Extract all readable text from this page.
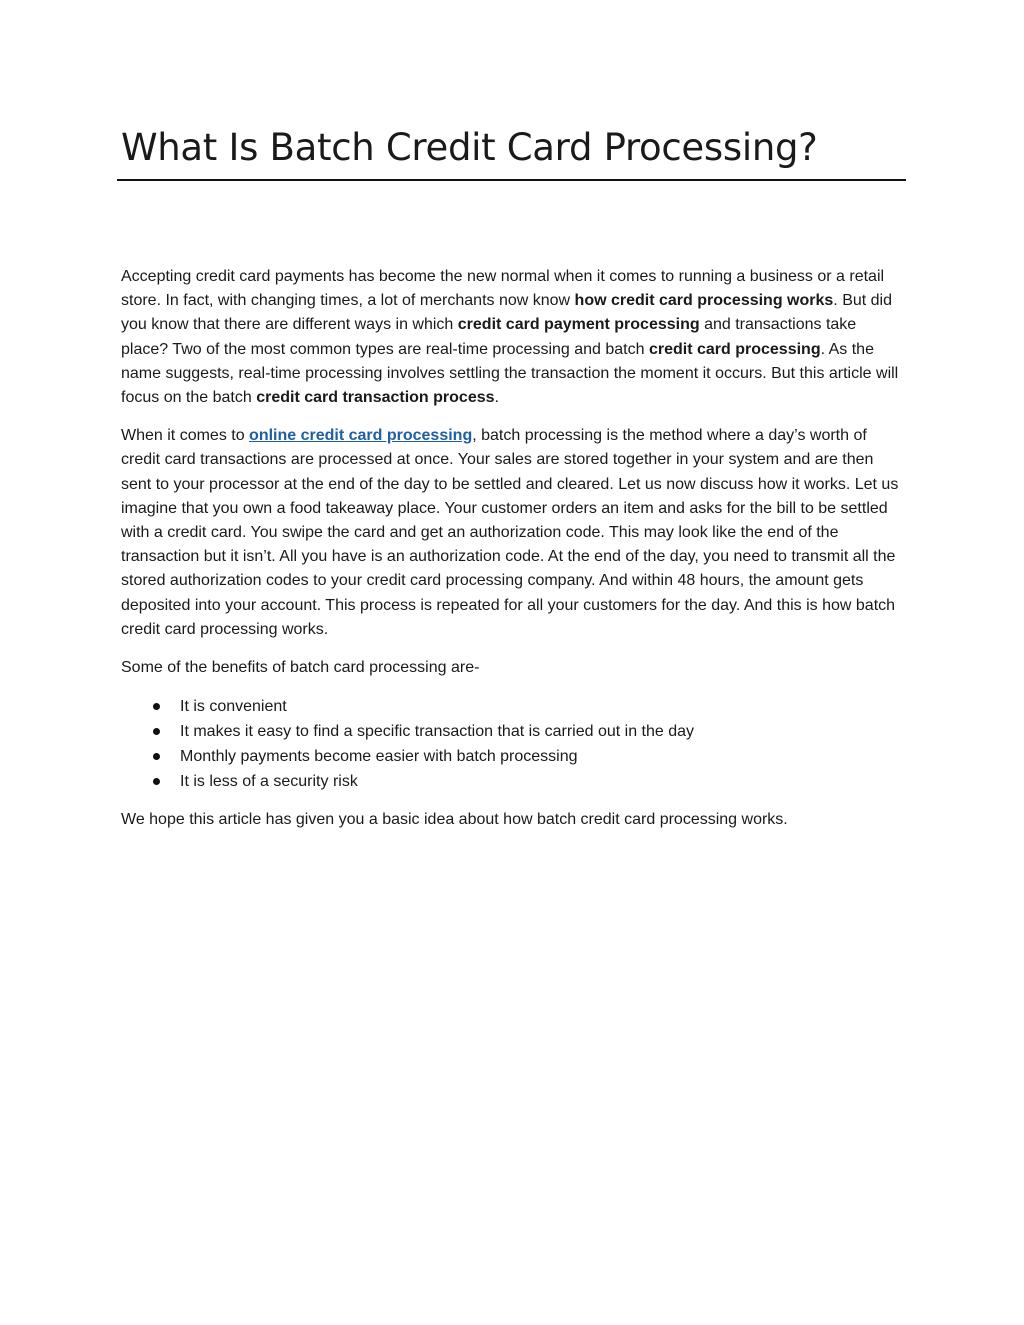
What Is Batch Credit Card Processing?

Accepting credit card payments has become the new normal when it comes to running a business or a retail store. In fact, with changing times, a lot of merchants now know how credit card processing works. But did you know that there are different ways in which credit card payment processing and transactions take place? Two of the most common types are real-time processing and batch credit card processing. As the name suggests, real-time processing involves settling the transaction the moment it occurs. But this article will focus on the batch credit card transaction process.

When it comes to online credit card processing, batch processing is the method where a day’s worth of credit card transactions are processed at once. Your sales are stored together in your system and are then sent to your processor at the end of the day to be settled and cleared. Let us now discuss how it works. Let us imagine that you own a food takeaway place. Your customer orders an item and asks for the bill to be settled with a credit card. You swipe the card and get an authorization code. This may look like the end of the transaction but it isn’t. All you have is an authorization code. At the end of the day, you need to transmit all the stored authorization codes to your credit card processing company. And within 48 hours, the amount gets deposited into your account. This process is repeated for all your customers for the day. And this is how batch credit card processing works.

Some of the benefits of batch card processing are-

It is convenient
It makes it easy to find a specific transaction that is carried out in the day
Monthly payments become easier with batch processing
It is less of a security risk

We hope this article has given you a basic idea about how batch credit card processing works.
